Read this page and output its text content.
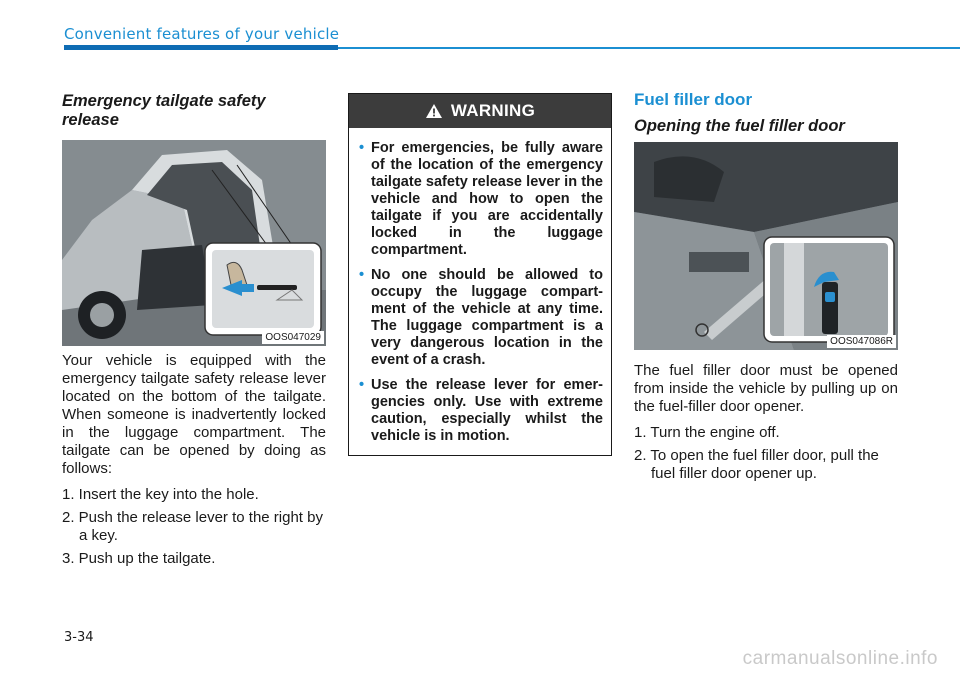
Convenient features of your vehicle
Emergency tailgate safety release
OOS047029

Your vehicle is equipped with the emergency tailgate safety release lever located on the bottom of the tailgate. When someone is inadvertently locked in the luggage compartment. The tailgate can be opened by doing as follows:

1. Insert the key into the hole.
2. Push the release lever to the right by a key.
3. Push up the tailgate.
WARNING

• For emergencies, be fully aware of the location of the emergency tailgate safety release lever in the vehicle and how to open the tailgate if you are accidentally locked in the luggage compartment.

• No one should be allowed to occupy the luggage compartment of the vehicle at any time. The luggage compartment is a very dangerous location in the event of a crash.

• Use the release lever for emergencies only. Use with extreme caution, especially whilst the vehicle is in motion.

Fuel filler door
Opening the fuel filler door
OOS047086R

The fuel filler door must be opened from inside the vehicle by pulling up on the fuel-filler door opener.

1. Turn the engine off.
2. To open the fuel filler door, pull the fuel filler door opener up.
3-34
carmanualsonline.info
